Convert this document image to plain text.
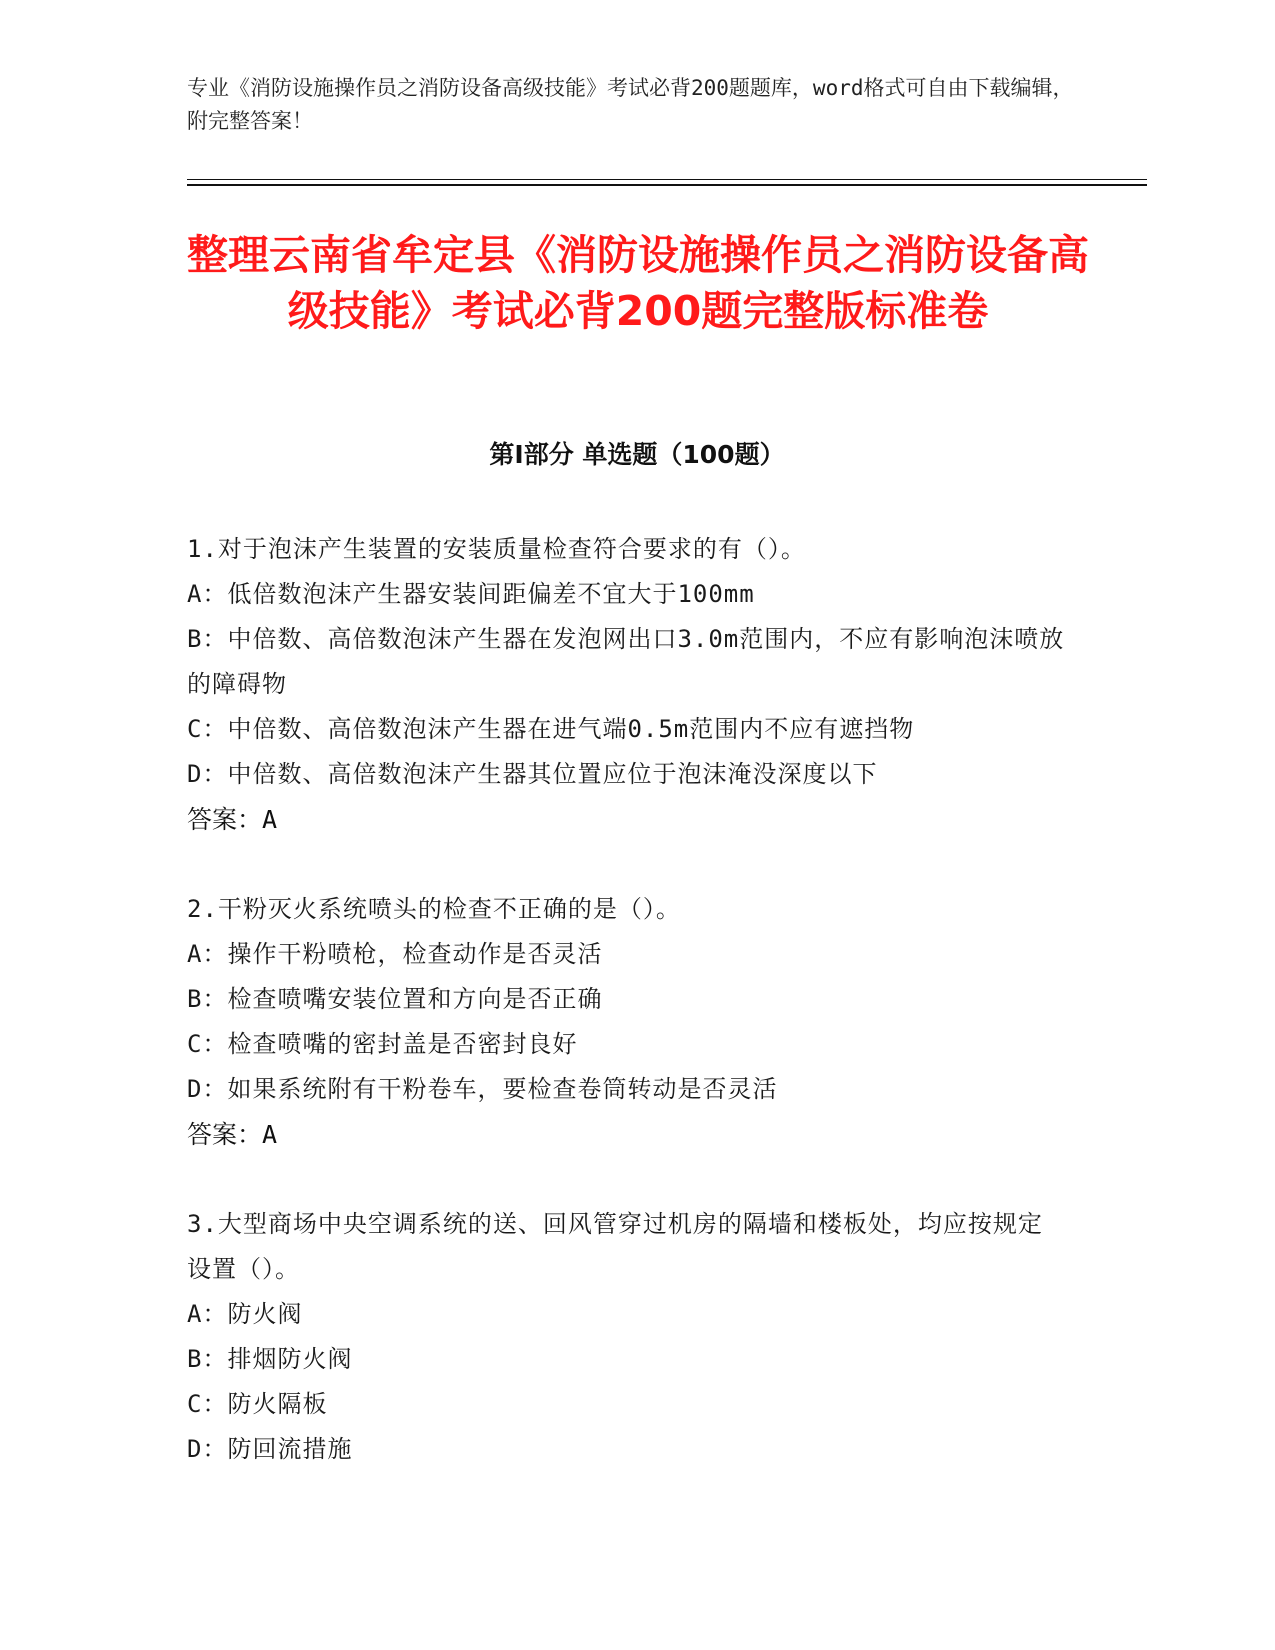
专业《消防设施操作员之消防设备高级技能》考试必背200题题库，word格式可自由下载编辑，附完整答案！
整理云南省牟定县《消防设施操作员之消防设备高级技能》考试必背200题完整版标准卷
第Ⅰ部分 单选题（100题）

1.对于泡沫产生装置的安装质量检查符合要求的有（）。

A：低倍数泡沫产生器安装间距偏差不宜大于100mm

B：中倍数、高倍数泡沫产生器在发泡网出口3.0m范围内，不应有影响泡沫喷放的障碍物

C：中倍数、高倍数泡沫产生器在进气端0.5m范围内不应有遮挡物

D：中倍数、高倍数泡沫产生器其位置应位于泡沫淹没深度以下

答案：A

2.干粉灭火系统喷头的检查不正确的是（）。

A：操作干粉喷枪，检查动作是否灵活

B：检查喷嘴安装位置和方向是否正确

C：检查喷嘴的密封盖是否密封良好

D：如果系统附有干粉卷车，要检查卷筒转动是否灵活

答案：A

3.大型商场中央空调系统的送、回风管穿过机房的隔墙和楼板处，均应按规定设置（）。

A：防火阀

B：排烟防火阀

C：防火隔板

D：防回流措施
